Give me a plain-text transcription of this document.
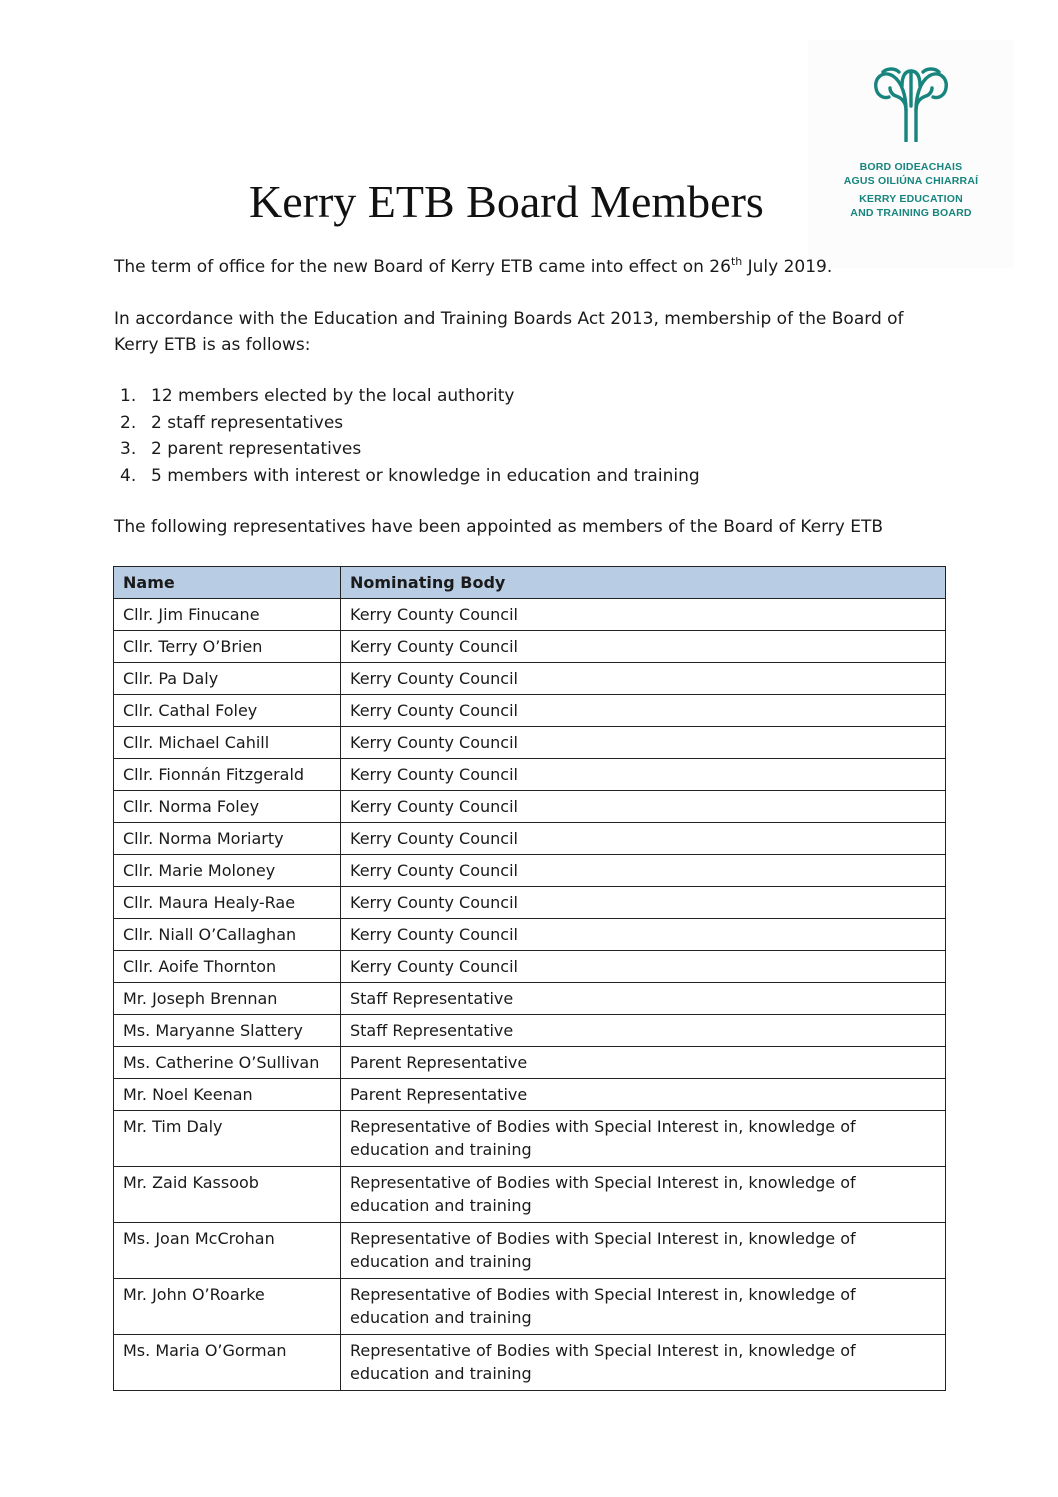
BORD OIDEACHAIS
AGUS OILIÚNA CHIARRAÍ
KERRY EDUCATION
AND TRAINING BOARD
Kerry ETB Board Members

The term of office for the new Board of Kerry ETB came into effect on 26th July 2019.

In accordance with the Education and Training Boards Act 2013, membership of the Board of

Kerry ETB is as follows:

1. 12 members elected by the local authority
2. 2 staff representatives
3. 2 parent representatives
4. 5 members with interest or knowledge in education and training

The following representatives have been appointed as members of the Board of Kerry ETB

Name	Nominating Body
Cllr. Jim Finucane	Kerry County Council
Cllr. Terry O’Brien	Kerry County Council
Cllr. Pa Daly	Kerry County Council
Cllr. Cathal Foley	Kerry County Council
Cllr. Michael Cahill	Kerry County Council
Cllr. Fionnán Fitzgerald	Kerry County Council
Cllr. Norma Foley	Kerry County Council
Cllr. Norma Moriarty	Kerry County Council
Cllr. Marie Moloney	Kerry County Council
Cllr. Maura Healy-Rae	Kerry County Council
Cllr. Niall O’Callaghan	Kerry County Council
Cllr. Aoife Thornton	Kerry County Council
Mr. Joseph Brennan	Staff Representative
Ms. Maryanne Slattery	Staff Representative
Ms. Catherine O’Sullivan	Parent Representative
Mr. Noel Keenan	Parent Representative
Mr. Tim Daly	Representative of Bodies with Special Interest in, knowledge of education and training
Mr. Zaid Kassoob	Representative of Bodies with Special Interest in, knowledge of education and training
Ms. Joan McCrohan	Representative of Bodies with Special Interest in, knowledge of education and training
Mr. John O’Roarke	Representative of Bodies with Special Interest in, knowledge of education and training
Ms. Maria O’Gorman	Representative of Bodies with Special Interest in, knowledge of education and training
